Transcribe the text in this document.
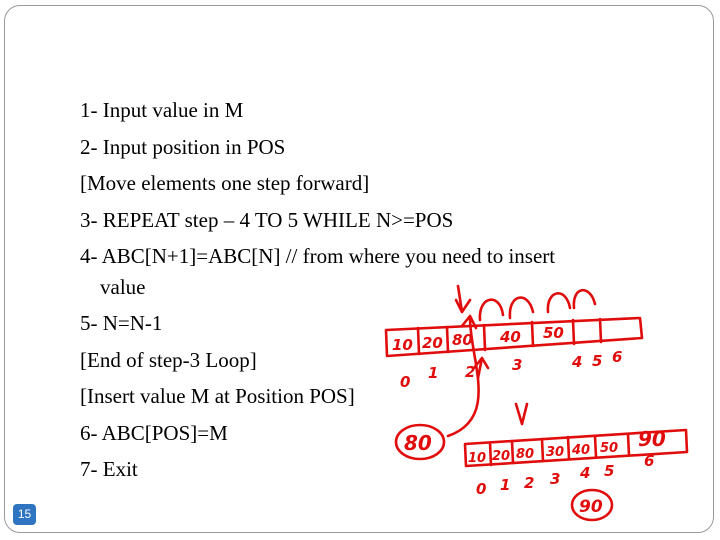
1- Input value in M
2- Input position in POS
[Move elements one step forward]
3- REPEAT step – 4 TO 5 WHILE N>=POS
4- ABC[N+1]=ABC[N] // from where you need to insert
value
5- N=N-1
[End of step-3 Loop]
[Insert value M at Position POS]
6- ABC[POS]=M
7- Exit
10 20 80 40 50
0 1 2 3	4 5 6
80
10 20 80 30 40 50 90
0 1 2 3 4 5
6
90
15
